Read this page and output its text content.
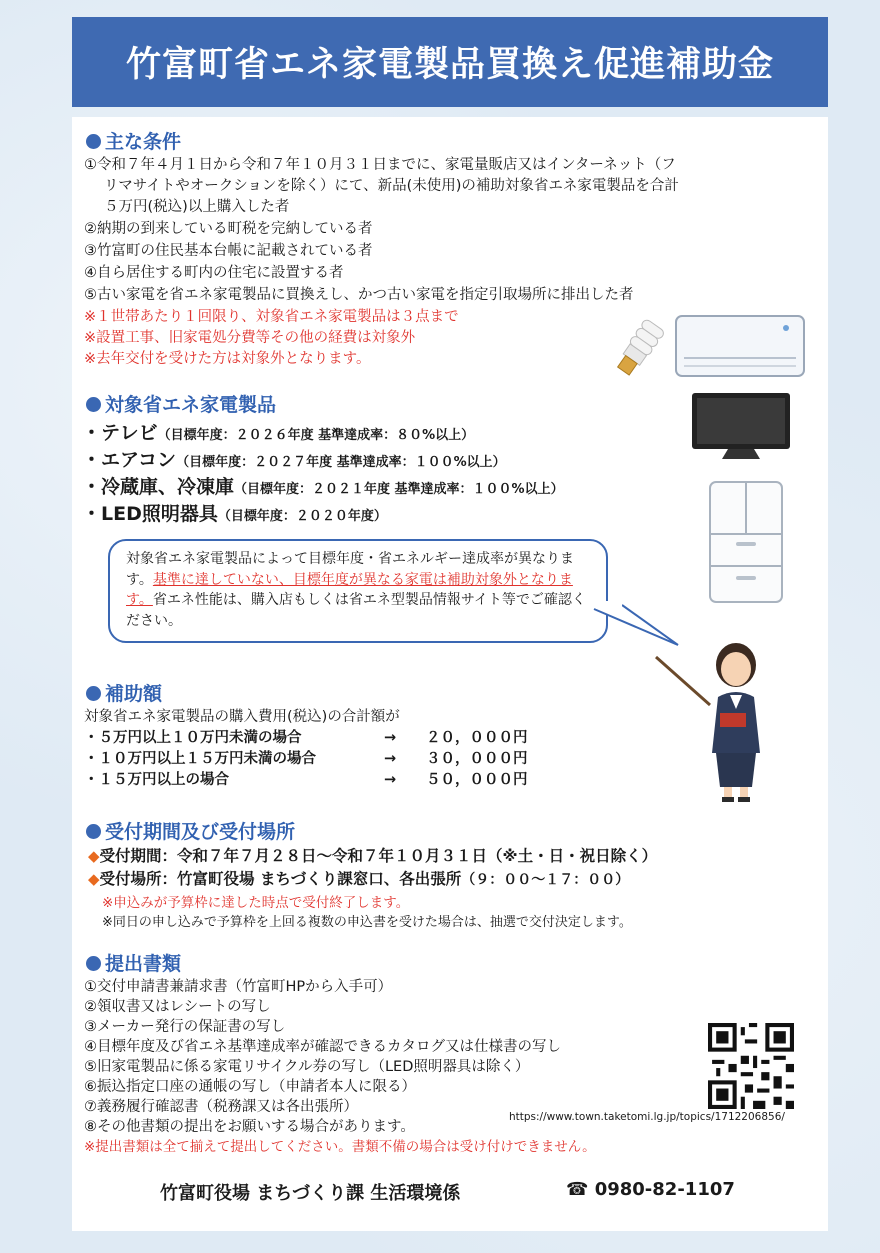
竹富町省エネ家電製品買換え促進補助金
主な条件
①令和７年４月１日から令和７年１０月３１日までに、家電量販店又はインターネット（フ
リマサイトやオークションを除く）にて、新品(未使用)の補助対象省エネ家電製品を合計
５万円(税込)以上購入した者
②納期の到来している町税を完納している者
③竹富町の住民基本台帳に記載されている者
④自ら居住する町内の住宅に設置する者
⑤古い家電を省エネ家電製品に買換えし、かつ古い家電を指定引取場所に排出した者
※１世帯あたり１回限り、対象省エネ家電製品は３点まで
※設置工事、旧家電処分費等その他の経費は対象外
※去年交付を受けた方は対象外となります。
対象省エネ家電製品
・テレビ（目標年度：２０２６年度 基準達成率：８０%以上）
・エアコン（目標年度：２０２７年度 基準達成率：１００%以上）
・冷蔵庫、冷凍庫（目標年度：２０２１年度 基準達成率：１００%以上）
・LED照明器具（目標年度：２０２０年度）
対象省エネ家電製品によって目標年度・省エネルギー達成率が異なります。基準に達していない、目標年度が異なる家電は補助対象外となります。省エネ性能は、購入店もしくは省エネ型製品情報サイト等でご確認ください。
補助額
対象省エネ家電製品の購入費用(税込)の合計額が
・５万円以上１０万円未満の場合	→ ２０，０００円
・１０万円以上１５万円未満の場合	→ ３０，０００円
・１５万円以上の場合	→ ５０，０００円
受付期間及び受付場所
◆受付期間：令和７年７月２８日～令和７年１０月３１日（※土・日・祝日除く）
◆受付場所：竹富町役場 まちづくり課窓口、各出張所（９：００～１７：００）
※申込みが予算枠に達した時点で受付終了します。
※同日の申し込みで予算枠を上回る複数の申込書を受けた場合は、抽選で交付決定します。
提出書類
①交付申請書兼請求書（竹富町HPから入手可）
②領収書又はレシートの写し
③メーカー発行の保証書の写し
④目標年度及び省エネ基準達成率が確認できるカタログ又は仕様書の写し
⑤旧家電製品に係る家電リサイクル券の写し（LED照明器具は除く）
⑥振込指定口座の通帳の写し（申請者本人に限る）
⑦義務履行確認書（税務課又は各出張所）
⑧その他書類の提出をお願いする場合があります。
※提出書類は全て揃えて提出してください。書類不備の場合は受け付けできません。
https://www.town.taketomi.lg.jp/topics/1712206856/
竹富町役場 まちづくり課 生活環境係	☎ 0980-82-1107
